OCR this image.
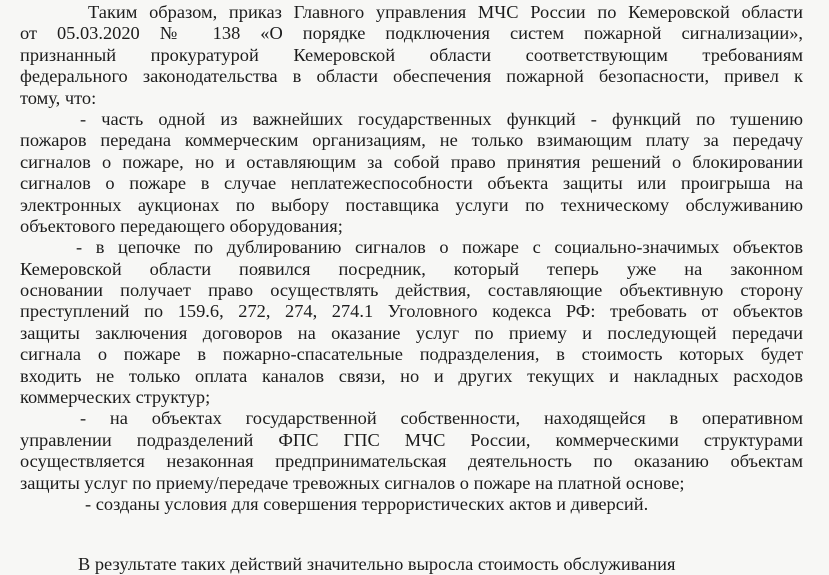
Таким образом, приказ Главного управления МЧС России по Кемеровской области
от 05.03.2020 № 138 «О порядке подключения систем пожарной сигнализации»,
признанный прокуратурой Кемеровской области соответствующим требованиям
федерального законодательства в области обеспечения пожарной безопасности, привел к
тому, что:
- часть одной из важнейших государственных функций - функций по тушению
пожаров передана коммерческим организациям, не только взимающим плату за передачу
сигналов о пожаре, но и оставляющим за собой право принятия решений о блокировании
сигналов о пожаре в случае неплатежеспособности объекта защиты или проигрыша на
электронных аукционах по выбору поставщика услуги по техническому обслуживанию
объектового передающего оборудования;
- в цепочке по дублированию сигналов о пожаре с социально-значимых объектов
Кемеровской области появился посредник, который теперь уже на законном
основании получает право осуществлять действия, составляющие объективную сторону
преступлений по 159.6, 272, 274, 274.1 Уголовного кодекса РФ: требовать от объектов
защиты заключения договоров на оказание услуг по приему и последующей передачи
сигнала о пожаре в пожарно-спасательные подразделения, в стоимость которых будет
входить не только оплата каналов связи, но и других текущих и накладных расходов
коммерческих структур;
- на объектах государственной собственности, находящейся в оперативном
управлении подразделений ФПС ГПС МЧС России, коммерческими структурами
осуществляется незаконная предпринимательская деятельность по оказанию объектам
защиты услуг по приему/передаче тревожных сигналов о пожаре на платной основе;
- созданы условия для совершения террористических актов и диверсий.
В результате таких действий значительно выросла стоимость обслуживания
